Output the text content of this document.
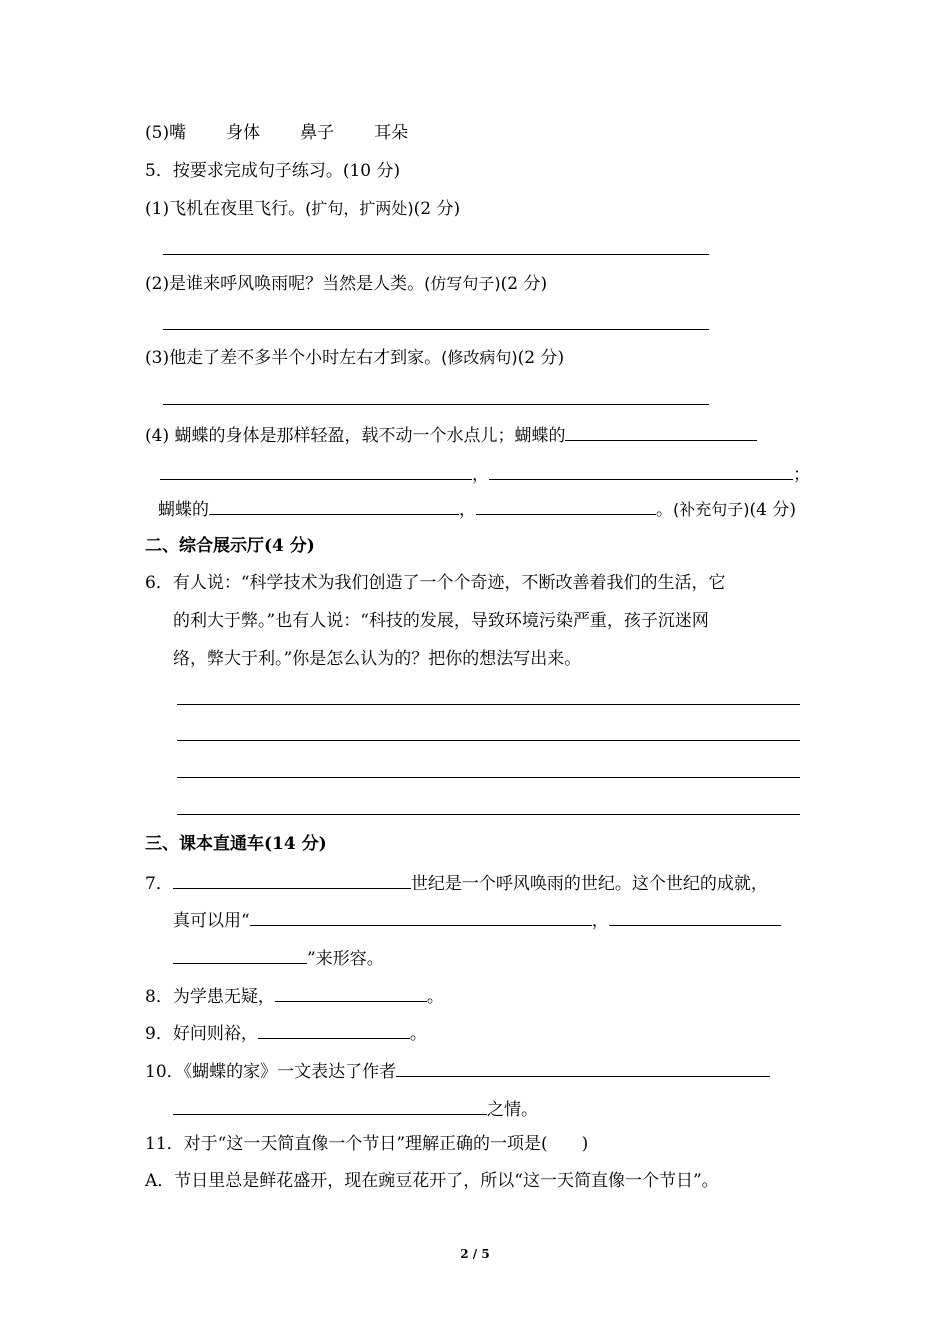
(5)嘴 身体 鼻子 耳朵
5．按要求完成句子练习。(10 分)
(1)飞机在夜里飞行。(扩句，扩两处)(2 分)
(2)是谁来呼风唤雨呢？当然是人类。(仿写句子)(2 分)
(3)他走了差不多半个小时左右才到家。(修改病句)(2 分)
(4) 蝴蝶的身体是那样轻盈，载不动一个水点儿；蝴蝶的
，	；
蝴蝶的	，	。(补充句子)(4 分)
二、综合展示厅(4 分)
6．有人说：“科学技术为我们创造了一个个奇迹，不断改善着我们的生活，它
的利大于弊。”也有人说：“科技的发展，导致环境污染严重，孩子沉迷网
络，弊大于利。”你是怎么认为的？把你的想法写出来。
三、课本直通车(14 分)
7．	世纪是一个呼风唤雨的世纪。这个世纪的成就，
真可以用“	，
”来形容。
8．为学患无疑，	。
9．好问则裕，	。
10．《蝴蝶的家》一文表达了作者
之情。
11．对于“这一天简直像一个节日”理解正确的一项是(　　)
A．节日里总是鲜花盛开，现在豌豆花开了，所以“这一天简直像一个节日”。
2 / 5
